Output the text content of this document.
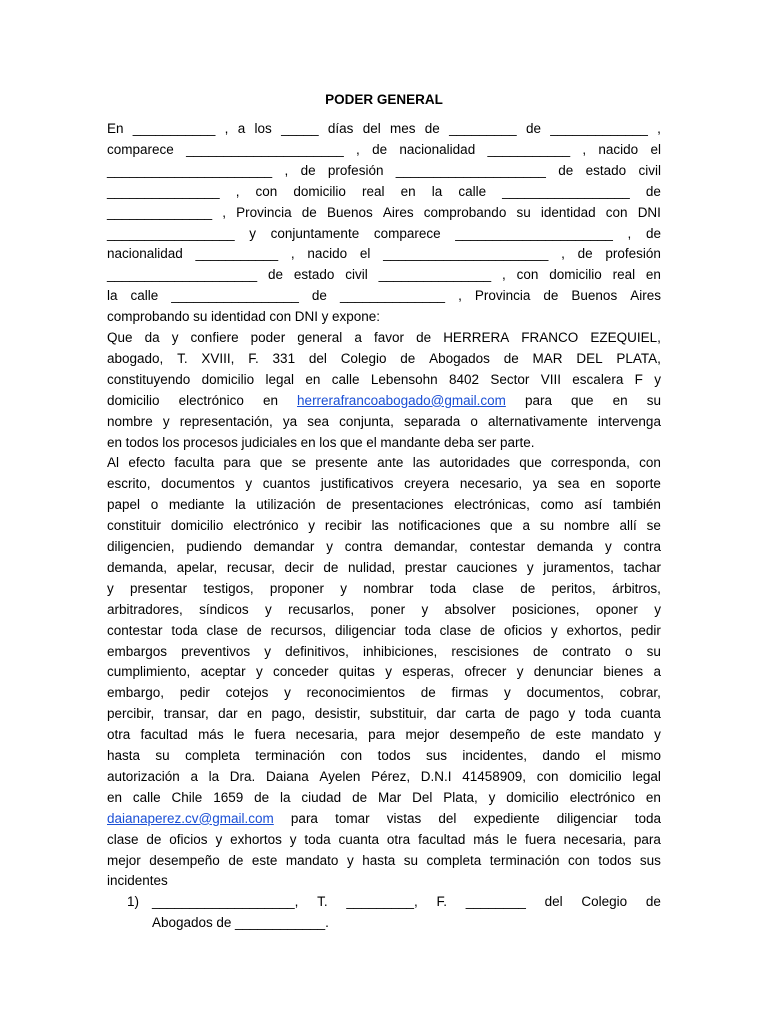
PODER GENERAL
En ___________ , a los _____ días del mes de _________ de _____________ ,
comparece _____________________ , de nacionalidad ___________ , nacido el
______________________ , de profesión ____________________ de estado civil
_______________ , con domicilio real en la calle _________________ de
______________ , Provincia de Buenos Aires comprobando su identidad con DNI
_________________ y conjuntamente comparece _____________________ , de
nacionalidad ___________ , nacido el ______________________ , de profesión
____________________ de estado civil _______________ , con domicilio real en
la calle _________________ de ______________ , Provincia de Buenos Aires
comprobando su identidad con DNI y expone:
Que da y confiere poder general a favor de HERRERA FRANCO EZEQUIEL,
abogado, T. XVIII, F. 331 del Colegio de Abogados de MAR DEL PLATA,
constituyendo domicilio legal en calle Lebensohn 8402 Sector VIII escalera F y
domicilio electrónico en herrerafrancoabogado@gmail.com para que en su
nombre y representación, ya sea conjunta, separada o alternativamente intervenga
en todos los procesos judiciales en los que el mandante deba ser parte.
Al efecto faculta para que se presente ante las autoridades que corresponda, con
escrito, documentos y cuantos justificativos creyera necesario, ya sea en soporte
papel o mediante la utilización de presentaciones electrónicas, como así también
constituir domicilio electrónico y recibir las notificaciones que a su nombre allí se
diligencien, pudiendo demandar y contra demandar, contestar demanda y contra
demanda, apelar, recusar, decir de nulidad, prestar cauciones y juramentos, tachar
y presentar testigos, proponer y nombrar toda clase de peritos, árbitros,
arbitradores, síndicos y recusarlos, poner y absolver posiciones, oponer y
contestar toda clase de recursos, diligenciar toda clase de oficios y exhortos, pedir
embargos preventivos y definitivos, inhibiciones, rescisiones de contrato o su
cumplimiento, aceptar y conceder quitas y esperas, ofrecer y denunciar bienes a
embargo, pedir cotejos y reconocimientos de firmas y documentos, cobrar,
percibir, transar, dar en pago, desistir, substituir, dar carta de pago y toda cuanta
otra facultad más le fuera necesaria, para mejor desempeño de este mandato y
hasta su completa terminación con todos sus incidentes, dando el mismo
autorización a la Dra. Daiana Ayelen Pérez, D.N.I 41458909, con domicilio legal
en calle Chile 1659 de la ciudad de Mar Del Plata, y domicilio electrónico en
daianaperez.cv@gmail.com para tomar vistas del expediente diligenciar toda
clase de oficios y exhortos y toda cuanta otra facultad más le fuera necesaria, para
mejor desempeño de este mandato y hasta su completa terminación con todos sus
incidentes
1) ___________________, T. _________, F. ________ del Colegio de
Abogados de ____________.
